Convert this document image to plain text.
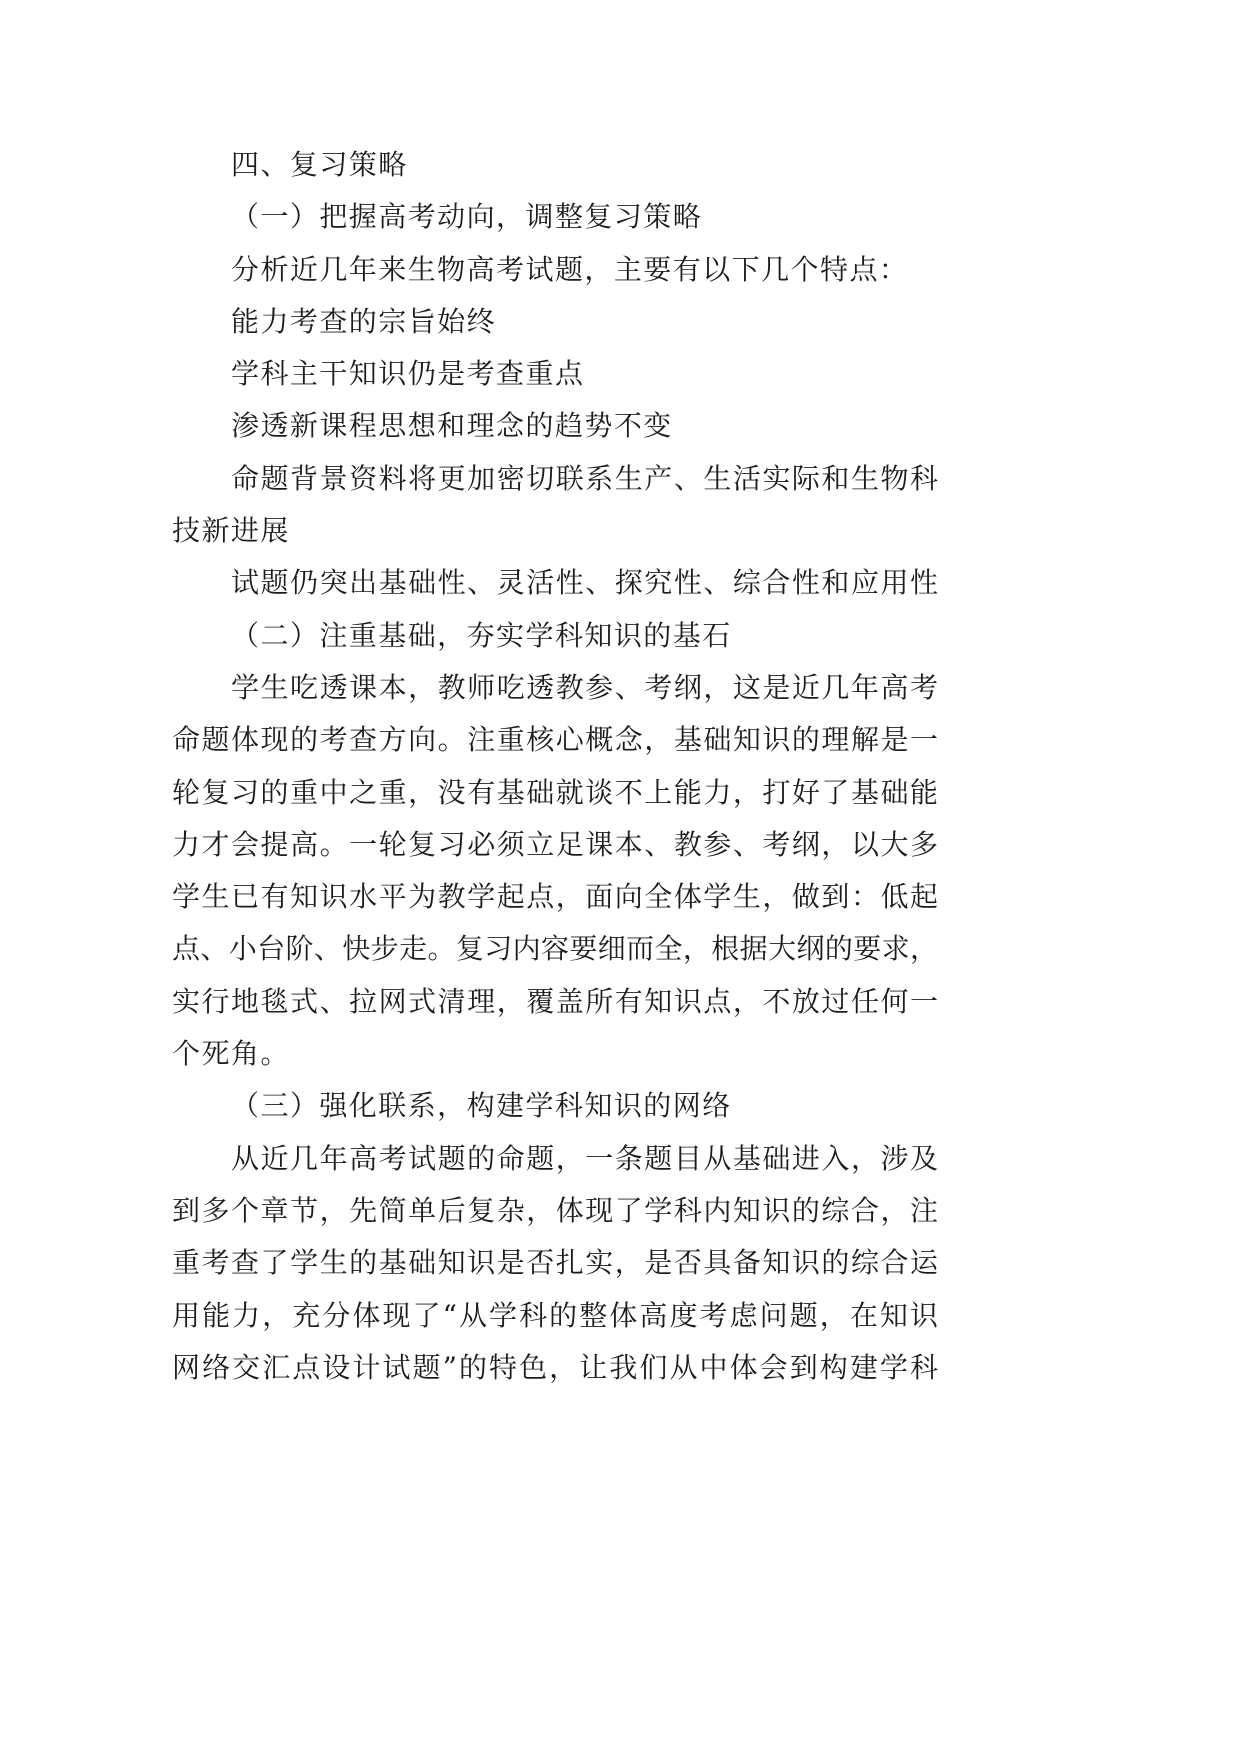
四、复习策略
（一）把握高考动向，调整复习策略
分析近几年来生物高考试题，主要有以下几个特点：
能力考查的宗旨始终
学科主干知识仍是考查重点
渗透新课程思想和理念的趋势不变
命题背景资料将更加密切联系生产、生活实际和生物科
技新进展
试题仍突出基础性、灵活性、探究性、综合性和应用性
（二）注重基础，夯实学科知识的基石
学生吃透课本，教师吃透教参、考纲，这是近几年高考
命题体现的考查方向。注重核心概念，基础知识的理解是一
轮复习的重中之重，没有基础就谈不上能力，打好了基础能
力才会提高。一轮复习必须立足课本、教参、考纲，以大多
学生已有知识水平为教学起点，面向全体学生，做到：低起
点、小台阶、快步走。复习内容要细而全，根据大纲的要求，
实行地毯式、拉网式清理，覆盖所有知识点，不放过任何一
个死角。
（三）强化联系，构建学科知识的网络
从近几年高考试题的命题，一条题目从基础进入，涉及
到多个章节，先简单后复杂，体现了学科内知识的综合，注
重考查了学生的基础知识是否扎实，是否具备知识的综合运
用能力，充分体现了“从学科的整体高度考虑问题，在知识
网络交汇点设计试题”的特色，让我们从中体会到构建学科
